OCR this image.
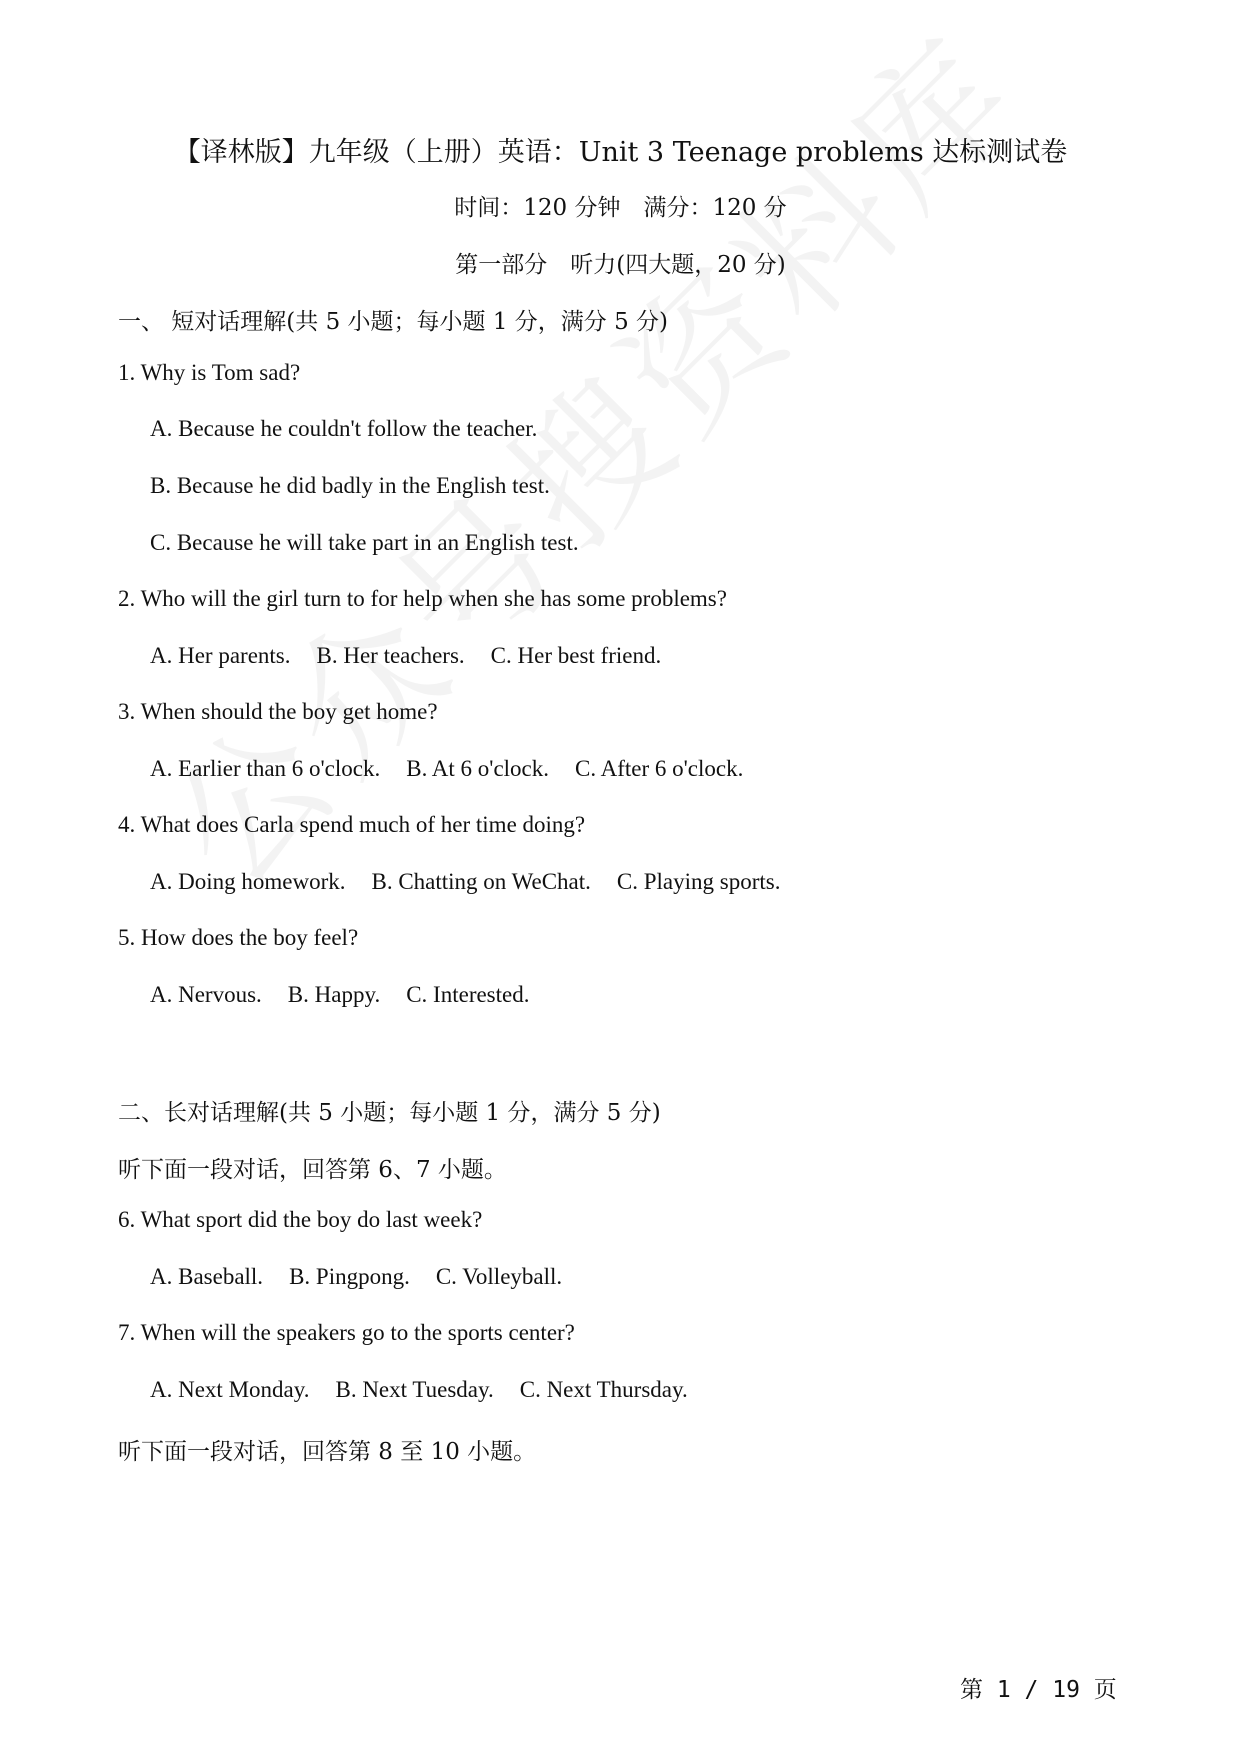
【译林版】九年级（上册）英语：Unit 3 Teenage problems 达标测试卷
时间：120 分钟　满分：120 分
第一部分　听力(四大题，20 分)
一、 短对话理解(共 5 小题；每小题 1 分，满分 5 分)
1. Why is Tom sad?
A. Because he couldn't follow the teacher.
B. Because he did badly in the English test.
C. Because he will take part in an English test.
2. Who will the girl turn to for help when she has some problems?
A. Her parents. B. Her teachers. C. Her best friend.
3. When should the boy get home?
A. Earlier than 6 o'clock. B. At 6 o'clock. C. After 6 o'clock.
4. What does Carla spend much of her time doing?
A. Doing homework. B. Chatting on WeChat. C. Playing sports.
5. How does the boy feel?
A. Nervous. B. Happy. C. Interested.
二、长对话理解(共 5 小题；每小题 1 分，满分 5 分)
听下面一段对话，回答第 6、7 小题。
6. What sport did the boy do last week?
A. Baseball. B. Pingpong. C. Volleyball.
7. When will the speakers go to the sports center?
A. Next Monday. B. Next Tuesday. C. Next Thursday.
听下面一段对话，回答第 8 至 10 小题。
第 1 / 19 页
